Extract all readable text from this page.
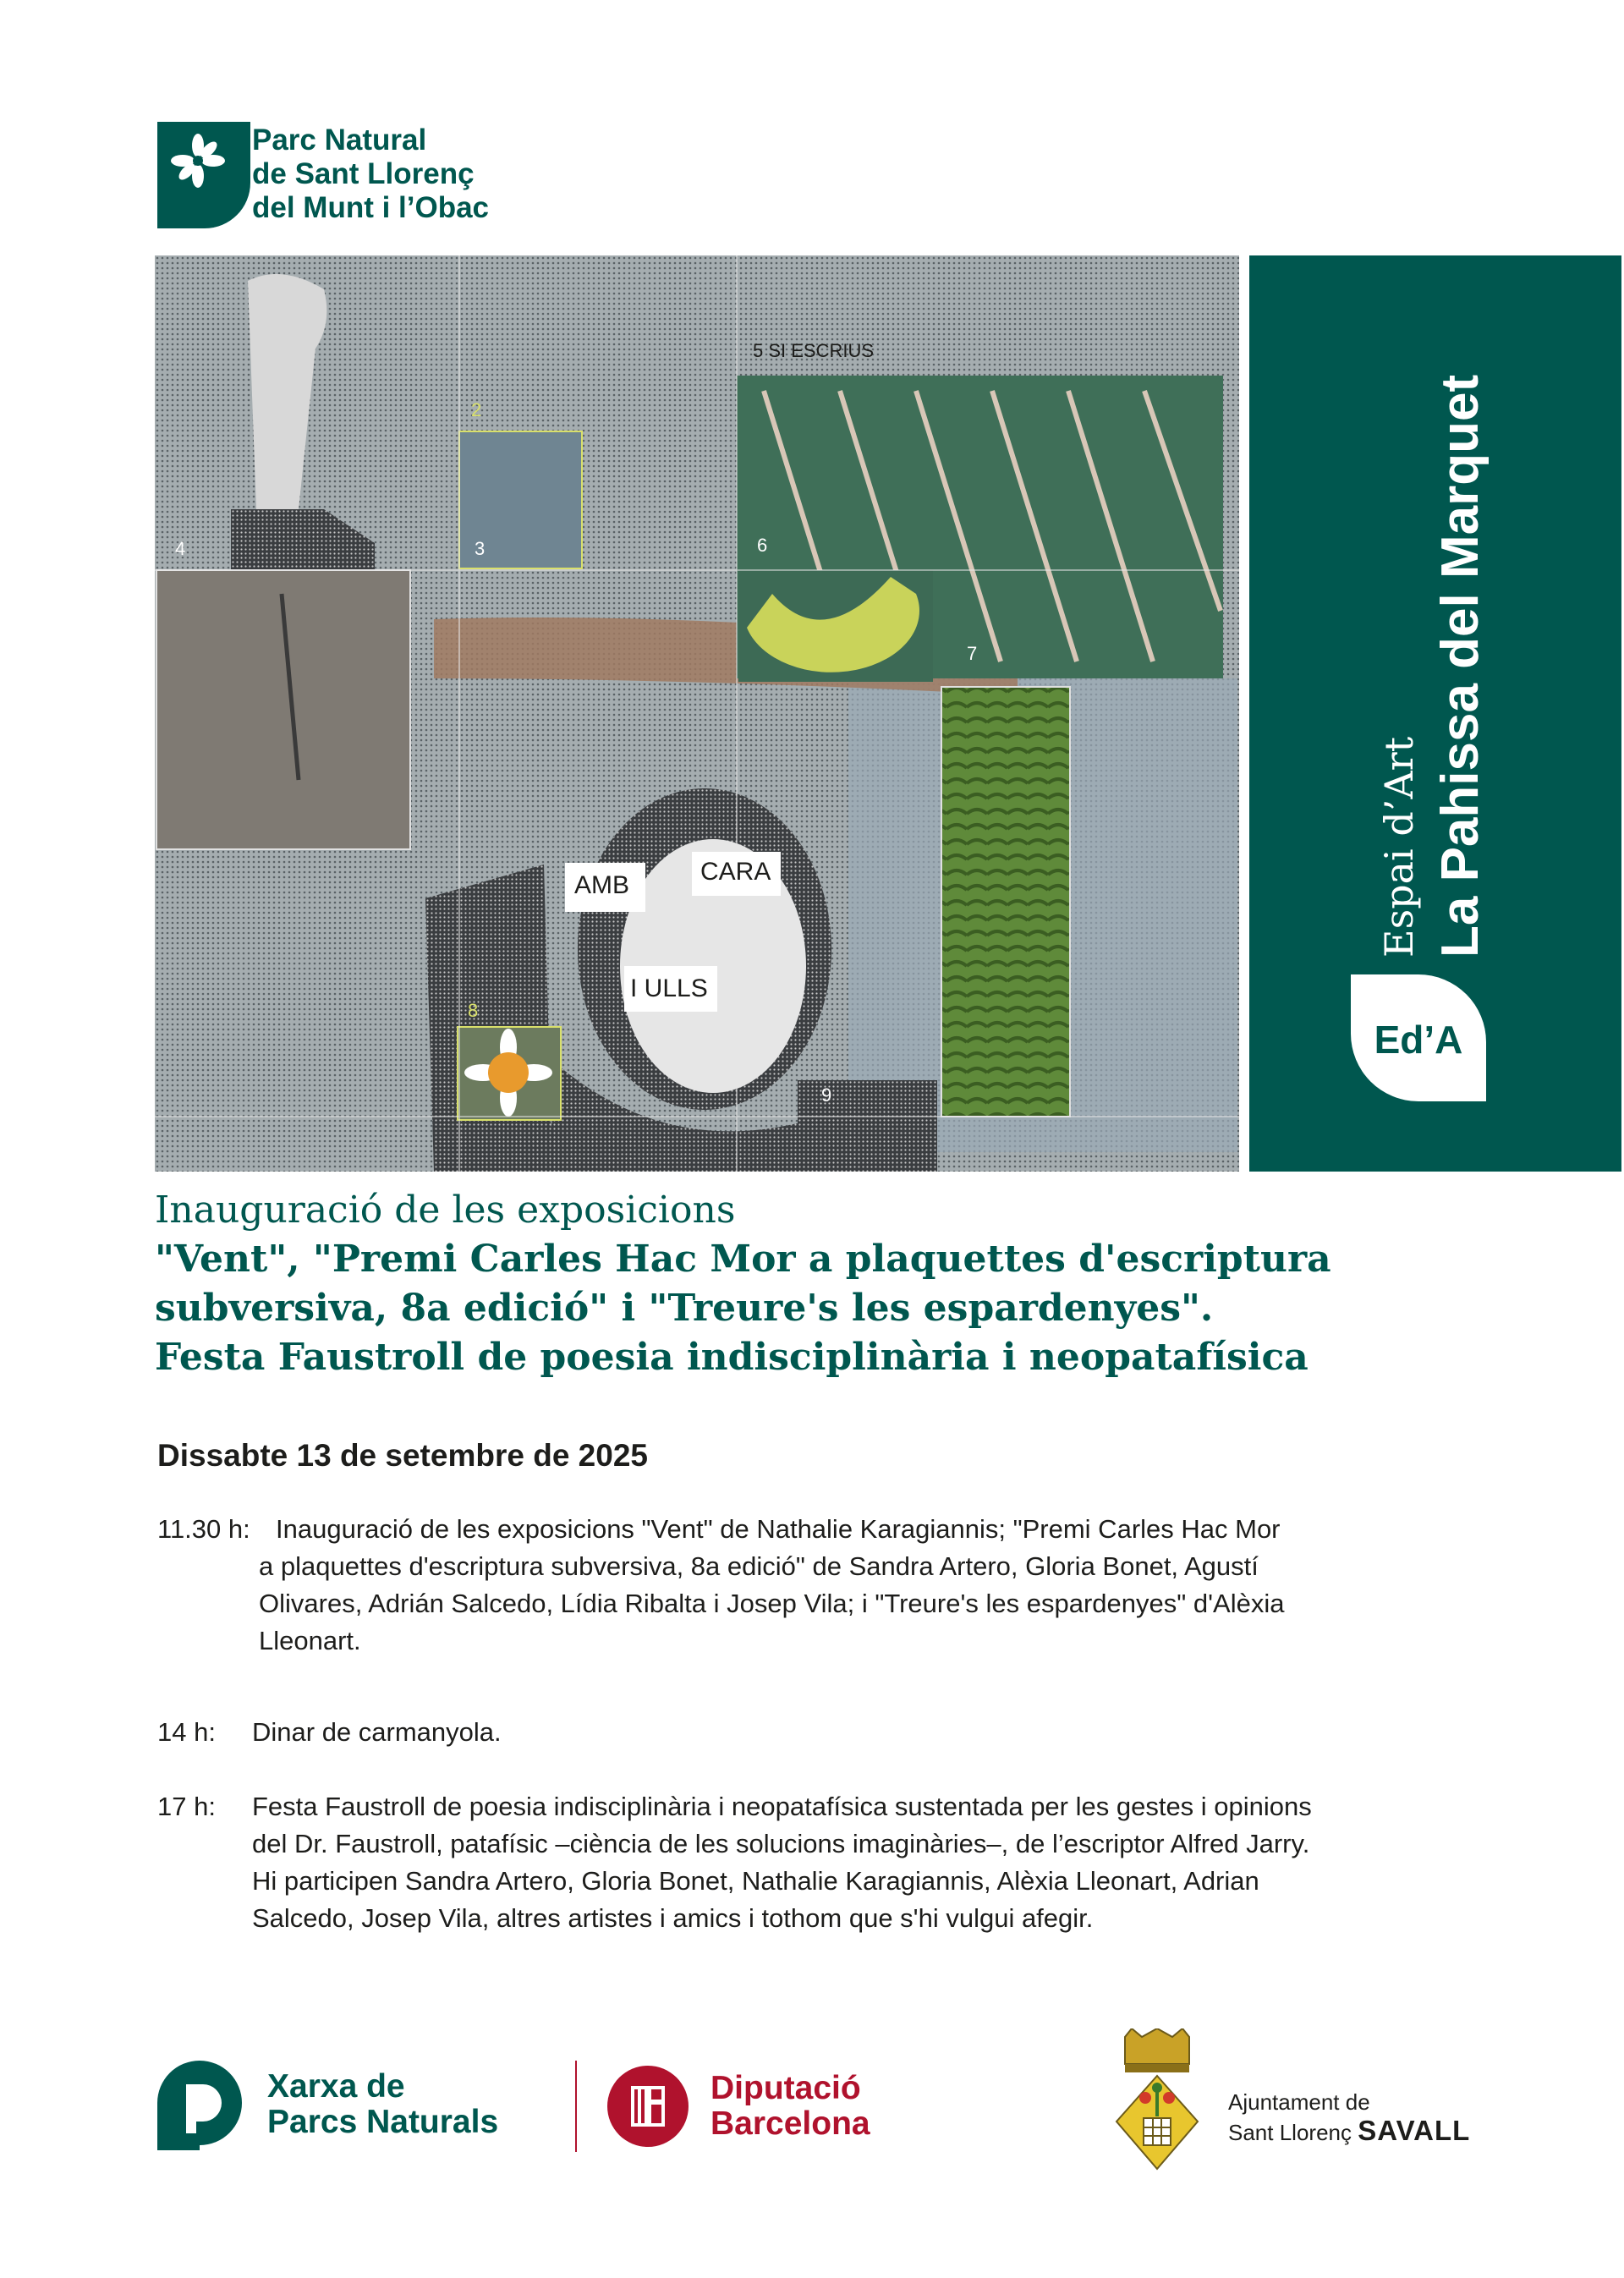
Parc Natural
de Sant Llorenç
del Munt i l’Obac
5 SI ESCRIUS
2
3
4	6
7
8
9
AMB	CARA
I ULLS
Espai d’Art La Pahissa del Marquet
Ed’A
Inauguració de les exposicions
"Vent", "Premi Carles Hac Mor a plaquettes d'escriptura
subversiva, 8a edició" i "Treure's les espardenyes".
Festa Faustroll de poesia indisciplinària i neopatafísica
Dissabte 13 de setembre de 2025
11.30 h: Inauguració de les exposicions "Vent" de Nathalie Karagiannis; "Premi Carles Hac Mor
a plaquettes d'escriptura subversiva, 8a edició" de Sandra Artero, Gloria Bonet, Agustí
Olivares, Adrián Salcedo, Lídia Ribalta i Josep Vila; i "Treure's les espardenyes" d'Alèxia
Lleonart.
14 h: Dinar de carmanyola.
17 h: Festa Faustroll de poesia indisciplinària i neopatafísica sustentada per les gestes i opinions
del Dr. Faustroll, patafísic –ciència de les solucions imaginàries–, de l’escriptor Alfred Jarry.
Hi participen Sandra Artero, Gloria Bonet, Nathalie Karagiannis, Alèxia Lleonart, Adrian
Salcedo, Josep Vila, altres artistes i amics i tothom que s'hi vulgui afegir.
Xarxa de
Parcs Naturals
Diputació
Barcelona
Ajuntament de
Sant Llorenç SAVALL
